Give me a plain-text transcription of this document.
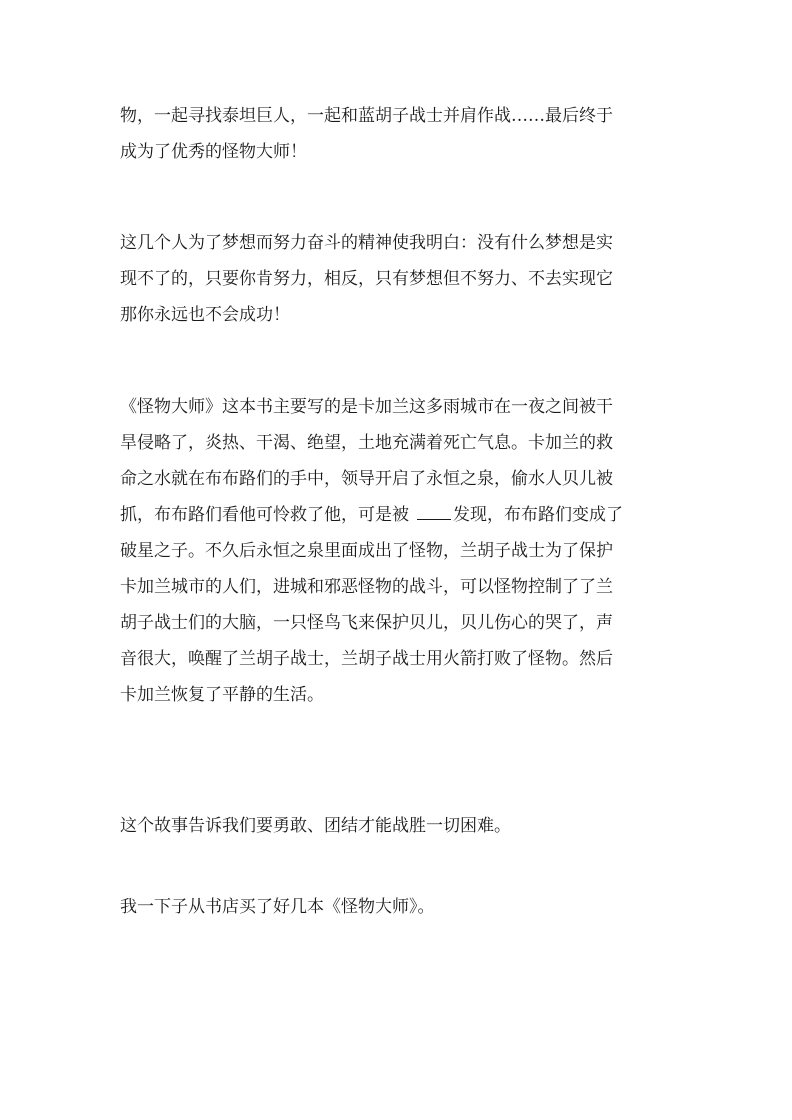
物，一起寻找泰坦巨人，一起和蓝胡子战士并肩作战……最后终于
成为了优秀的怪物大师！
这几个人为了梦想而努力奋斗的精神使我明白：没有什么梦想是实
现不了的，只要你肯努力，相反，只有梦想但不努力、不去实现它
那你永远也不会成功！
《怪物大师》这本书主要写的是卡加兰这多雨城市在一夜之间被干
旱侵略了，炎热、干渴、绝望，土地充满着死亡气息。卡加兰的救
命之水就在布布路们的手中，领导开启了永恒之泉，偷水人贝儿被
抓，布布路们看他可怜救了他，可是被	发现，布布路们变成了
破星之子。不久后永恒之泉里面成出了怪物，兰胡子战士为了保护
卡加兰城市的人们，进城和邪恶怪物的战斗，可以怪物控制了了兰
胡子战士们的大脑，一只怪鸟飞来保护贝儿，贝儿伤心的哭了，声
音很大，唤醒了兰胡子战士，兰胡子战士用火箭打败了怪物。然后
卡加兰恢复了平静的生活。
这个故事告诉我们要勇敢、团结才能战胜一切困难。
我一下子从书店买了好几本《怪物大师》。
